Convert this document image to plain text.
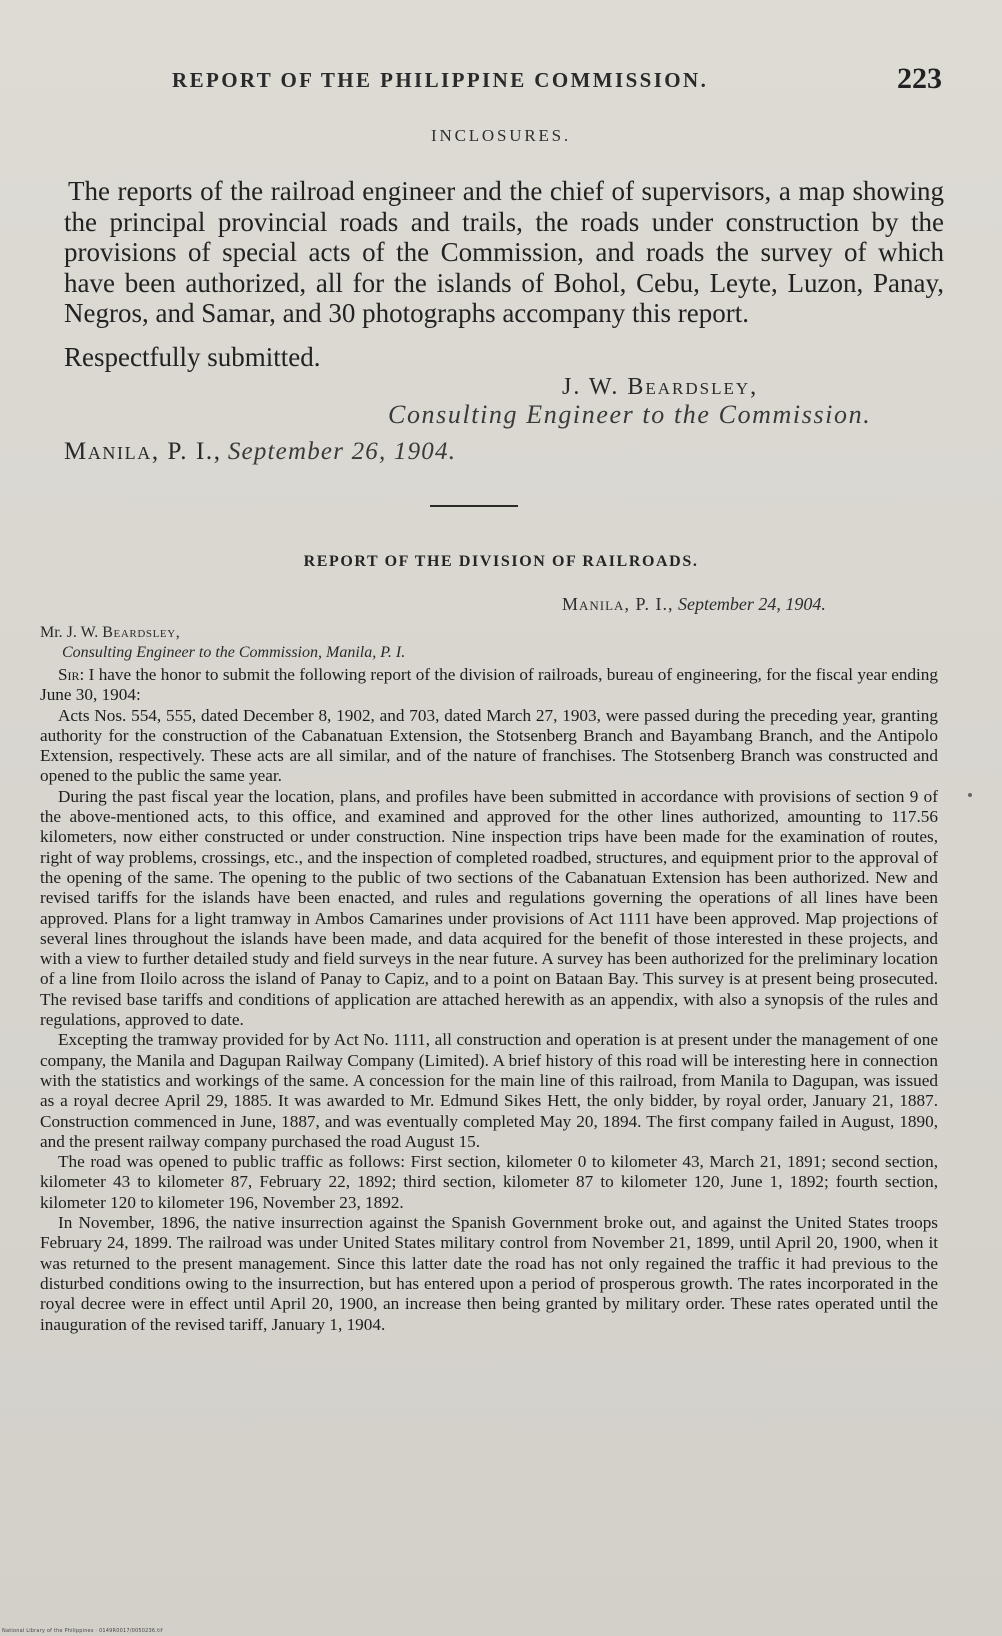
REPORT OF THE PHILIPPINE COMMISSION.	223
INCLOSURES.
The reports of the railroad engineer and the chief of supervisors, a map showing the principal provincial roads and trails, the roads under construction by the provisions of special acts of the Commission, and roads the survey of which have been authorized, all for the islands of Bohol, Cebu, Leyte, Luzon, Panay, Negros, and Samar, and 30 photographs accompany this report.
Respectfully submitted.
J. W. Beardsley,
Consulting Engineer to the Commission.
Manila, P. I., September 26, 1904.
REPORT OF THE DIVISION OF RAILROADS.
Manila, P. I., September 24, 1904.
Mr. J. W. Beardsley,
Consulting Engineer to the Commission, Manila, P. I.

Sir: I have the honor to submit the following report of the division of railroads, bureau of engineering, for the fiscal year ending June 30, 1904:

Acts Nos. 554, 555, dated December 8, 1902, and 703, dated March 27, 1903, were passed during the preceding year, granting authority for the construction of the Cabanatuan Extension, the Stotsenberg Branch and Bayambang Branch, and the Antipolo Extension, respectively. These acts are all similar, and of the nature of franchises. The Stotsenberg Branch was constructed and opened to the public the same year.

During the past fiscal year the location, plans, and profiles have been submitted in accordance with provisions of section 9 of the above-mentioned acts, to this office, and examined and approved for the other lines authorized, amounting to 117.56 kilometers, now either constructed or under construction. Nine inspection trips have been made for the examination of routes, right of way problems, crossings, etc., and the inspection of completed roadbed, structures, and equipment prior to the approval of the opening of the same. The opening to the public of two sections of the Cabanatuan Extension has been authorized. New and revised tariffs for the islands have been enacted, and rules and regulations governing the operations of all lines have been approved. Plans for a light tramway in Ambos Camarines under provisions of Act 1111 have been approved. Map projections of several lines throughout the islands have been made, and data acquired for the benefit of those interested in these projects, and with a view to further detailed study and field surveys in the near future. A survey has been authorized for the preliminary location of a line from Iloilo across the island of Panay to Capiz, and to a point on Bataan Bay. This survey is at present being prosecuted. The revised base tariffs and conditions of application are attached herewith as an appendix, with also a synopsis of the rules and regulations, approved to date.

Excepting the tramway provided for by Act No. 1111, all construction and operation is at present under the management of one company, the Manila and Dagupan Railway Company (Limited). A brief history of this road will be interesting here in connection with the statistics and workings of the same. A concession for the main line of this railroad, from Manila to Dagupan, was issued as a royal decree April 29, 1885. It was awarded to Mr. Edmund Sikes Hett, the only bidder, by royal order, January 21, 1887. Construction commenced in June, 1887, and was eventually completed May 20, 1894. The first company failed in August, 1890, and the present railway company purchased the road August 15.

The road was opened to public traffic as follows: First section, kilometer 0 to kilometer 43, March 21, 1891; second section, kilometer 43 to kilometer 87, February 22, 1892; third section, kilometer 87 to kilometer 120, June 1, 1892; fourth section, kilometer 120 to kilometer 196, November 23, 1892.

In November, 1896, the native insurrection against the Spanish Government broke out, and against the United States troops February 24, 1899. The railroad was under United States military control from November 21, 1899, until April 20, 1900, when it was returned to the present management. Since this latter date the road has not only regained the traffic it had previous to the disturbed conditions owing to the insurrection, but has entered upon a period of prosperous growth. The rates incorporated in the royal decree were in effect until April 20, 1900, an increase then being granted by military order. These rates operated until the inauguration of the revised tariff, January 1, 1904.

National Library of the Philippines · 0149R0017/0050236.tif
